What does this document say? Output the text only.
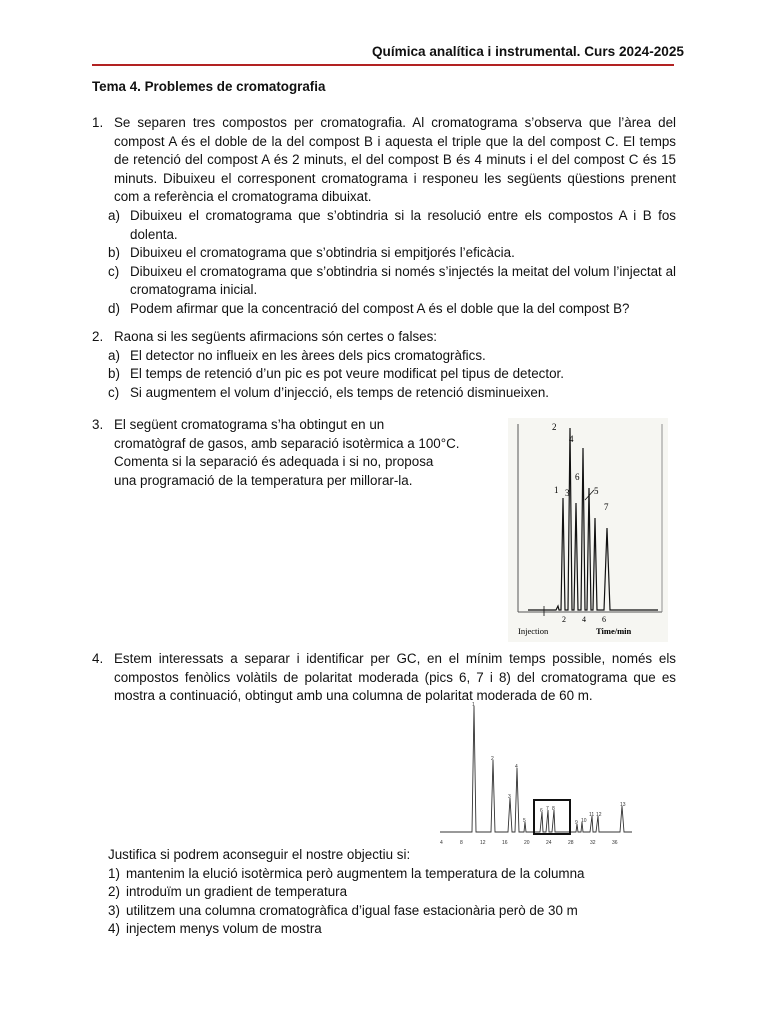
Química analítica i instrumental. Curs 2024-2025
Tema 4. Problemes de cromatografia
1. Se separen tres compostos per cromatografia. Al cromatograma s’observa que l’àrea del compost A és el doble de la del compost B i aquesta el triple que la del compost C. El temps de retenció del compost A és 2 minuts, el del compost B és 4 minuts i el del compost C és 15 minuts. Dibuixeu el corresponent cromatograma i responeu les següents qüestions prenent com a referència el cromatograma dibuixat.
a) Dibuixeu el cromatograma que s’obtindria si la resolució entre els compostos A i B fos dolenta.
b) Dibuixeu el cromatograma que s’obtindria si empitjorés l’eficàcia.
c) Dibuixeu el cromatograma que s’obtindria si només s’injectés la meitat del volum l’injectat al cromatograma inicial.
d) Podem afirmar que la concentració del compost A és el doble que la del compost B?
2. Raona si les següents afirmacions són certes o falses:
a) El detector no influeix en les àrees dels pics cromatogràfics.
b) El temps de retenció d’un pic es pot veure modificat pel tipus de detector.
c) Si augmentem el volum d’injecció, els temps de retenció disminueixen.
3. El següent cromatograma s’ha obtingut en un
cromatògraf de gasos, amb separació isotèrmica a 100°C.
Comenta si la separació és adequada i si no, proposa
una programació de la temperatura per millorar-la.
1
2
3
4
5
6
7
2 4 6
Injection	Time/min
4. Estem interessats a separar i identificar per GC, en el mínim temps possible, només els compostos fenòlics volàtils de polaritat moderada (pics 6, 7 i 8) del cromatograma que es mostra a continuació, obtingut amb una columna de polaritat moderada de 60 m.
1
2
3
4
5
6 7 8
9 10
11 12
13
4	8	12	16	20	24	28	32	36
Justifica si podrem aconseguir el nostre objectiu si:
1) mantenim la elució isotèrmica però augmentem la temperatura de la columna
2) introduïm un gradient de temperatura
3) utilitzem una columna cromatogràfica d’igual fase estacionària però de 30 m
4) injectem menys volum de mostra
